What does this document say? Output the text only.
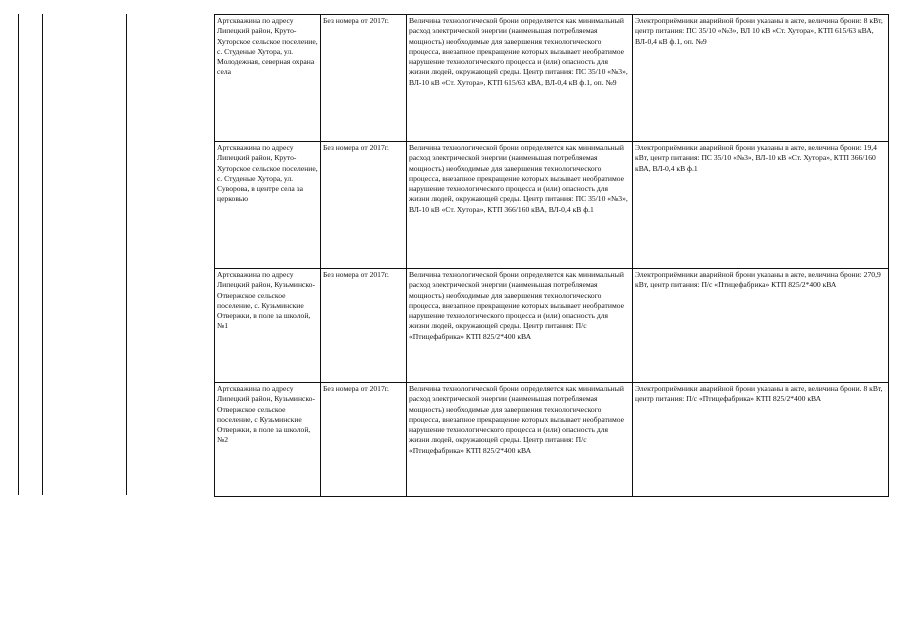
Артскважина по адресу Липецкий район, Круто-Хуторское сельское поселение, с. Студеные Хутора, ул. Молодежная, северная охрана села	Без номера от 2017г.	Величина технологической брони определяется как минимальный расход электрической энергии (наименьшая потребляемая мощность) необходимые для завершения технологического процесса, внезапное прекращение которых вызывает необратимое нарушение технологического процесса и (или) опасность для жизни людей, окружающей среды. Центр питания: ПС 35/10 «№3», ВЛ-10 кВ «Ст. Хутора», КТП 615/63 кВА, ВЛ-0,4 кВ ф.1, оп. №9	Электроприёмники аварийной брони указаны в акте, величина брони: 8 кВт, центр питания: ПС 35/10 «№3», ВЛ 10 кВ «Ст. Хутора», КТП 615/63 кВА, ВЛ-0,4 кВ ф.1, оп. №9
Артскважина по адресу Липецкий район, Круто-Хуторское сельское поселение, с. Студеные Хутора, ул. Суворова, в центре села за церковью	Без номера от 2017г.	Величина технологической брони определяется как минимальный расход электрической энергии (наименьшая потребляемая мощность) необходимые для завершения технологического процесса, внезапное прекращение которых вызывает необратимое нарушение технологического процесса и (или) опасность для жизни людей, окружающей среды. Центр питания: ПС 35/10 «№3», ВЛ-10 кВ «Ст. Хутора», КТП 366/160 кВА, ВЛ-0,4 кВ ф.1	Электроприёмники аварийной брони указаны в акте, величина брони: 19,4 кВт, центр питания: ПС 35/10 «№3», ВЛ-10 кВ «Ст. Хутора», КТП 366/160 кВА, ВЛ-0,4 кВ ф.1
Артскважина по адресу Липецкий район, Кузьминско-Отвержское сельское поселение, с. Кузьминские Отвержки, в поле за школой, №1	Без номера от 2017г.	Величина технологической брони определяется как минимальный расход электрической энергии (наименьшая потребляемая мощность) необходимые для завершения технологического процесса, внезапное прекращение которых вызывает необратимое нарушение технологического процесса и (или) опасность для жизни людей, окружающей среды. Центр питания: П/с «Птицефабрика» КТП 825/2*400 кВА	Электроприёмники аварийной брони указаны в акте, величина брони: 270,9 кВт, центр питания: П/с «Птицефабрика» КТП 825/2*400 кВА
Артскважина по адресу Липецкий район, Кузьминско-Отвержское сельское поселение, с Кузьминские Отвержки, в поле за школой, №2	Без номера от 2017г.	Величина технологической брони определяется как минимальный расход электрической энергии (наименьшая потребляемая мощность) необходимые для завершения технологического процесса, внезапное прекращение которых вызывает необратимое нарушение технологического процесса и (или) опасность для жизни людей, окружающей среды. Центр питания: П/с «Птицефабрика» КТП 825/2*400 кВА	Электроприёмники аварийной брони указаны в акте, величина брони. 8 кВт, центр питания: П/с «Птицефабрика» КТП 825/2*400 кВА
